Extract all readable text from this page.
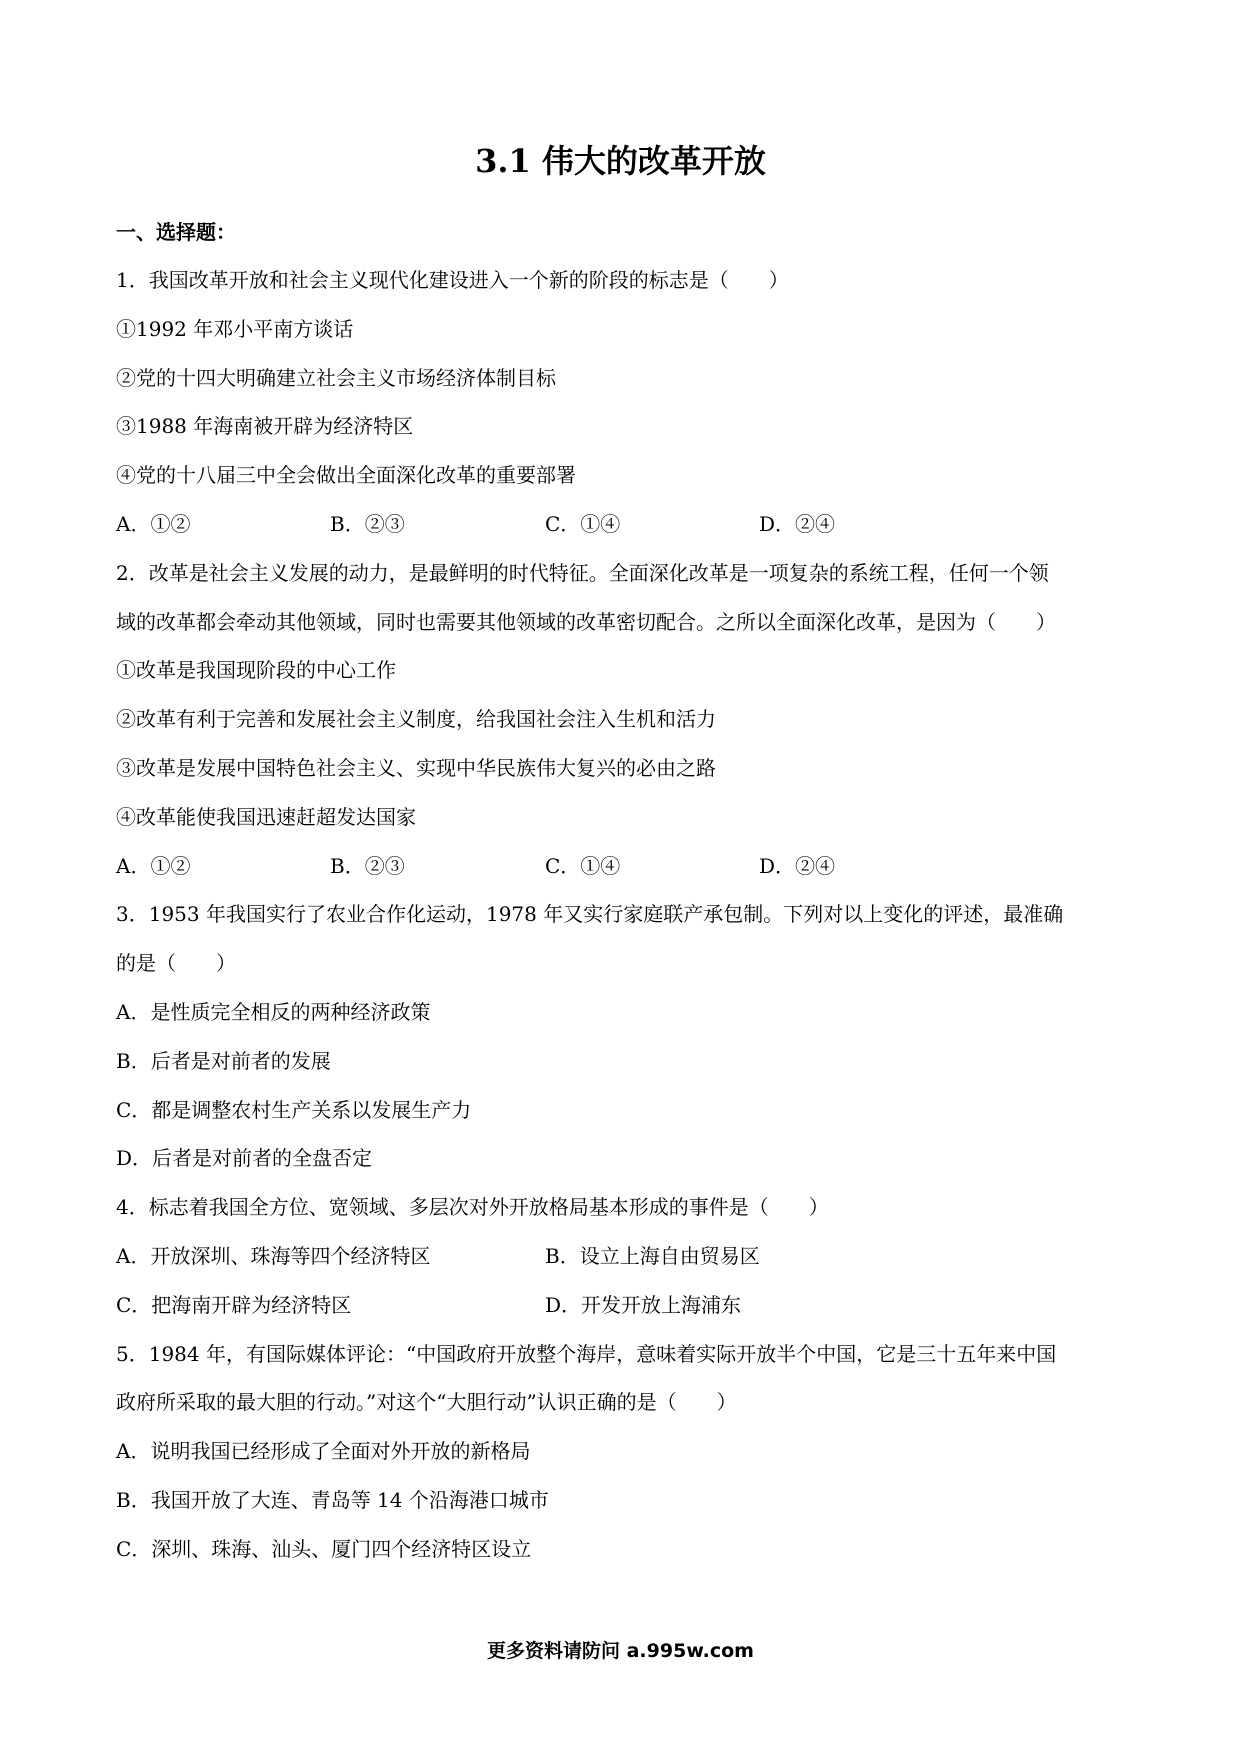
3.1 伟大的改革开放
一、选择题：
1．我国改革开放和社会主义现代化建设进入一个新的阶段的标志是（　　）
①1992 年邓小平南方谈话
②党的十四大明确建立社会主义市场经济体制目标
③1988 年海南被开辟为经济特区
④党的十八届三中全会做出全面深化改革的重要部署
A．①②	B．②③	C．①④	D．②④
2．改革是社会主义发展的动力，是最鲜明的时代特征。全面深化改革是一项复杂的系统工程，任何一个领
域的改革都会牵动其他领域，同时也需要其他领域的改革密切配合。之所以全面深化改革，是因为（　　）
①改革是我国现阶段的中心工作
②改革有利于完善和发展社会主义制度，给我国社会注入生机和活力
③改革是发展中国特色社会主义、实现中华民族伟大复兴的必由之路
④改革能使我国迅速赶超发达国家
A．①②	B．②③	C．①④	D．②④
3．1953 年我国实行了农业合作化运动，1978 年又实行家庭联产承包制。下列对以上变化的评述，最准确
的是（　　）
A．是性质完全相反的两种经济政策
B．后者是对前者的发展
C．都是调整农村生产关系以发展生产力
D．后者是对前者的全盘否定
4．标志着我国全方位、宽领域、多层次对外开放格局基本形成的事件是（　　）
A．开放深圳、珠海等四个经济特区	B．设立上海自由贸易区
C．把海南开辟为经济特区	D．开发开放上海浦东
5．1984 年，有国际媒体评论：“中国政府开放整个海岸，意味着实际开放半个中国，它是三十五年来中国
政府所采取的最大胆的行动。”对这个“大胆行动”认识正确的是（　　）
A．说明我国已经形成了全面对外开放的新格局
B．我国开放了大连、青岛等 14 个沿海港口城市
C．深圳、珠海、汕头、厦门四个经济特区设立
更多资料请防问 a.995w.com
